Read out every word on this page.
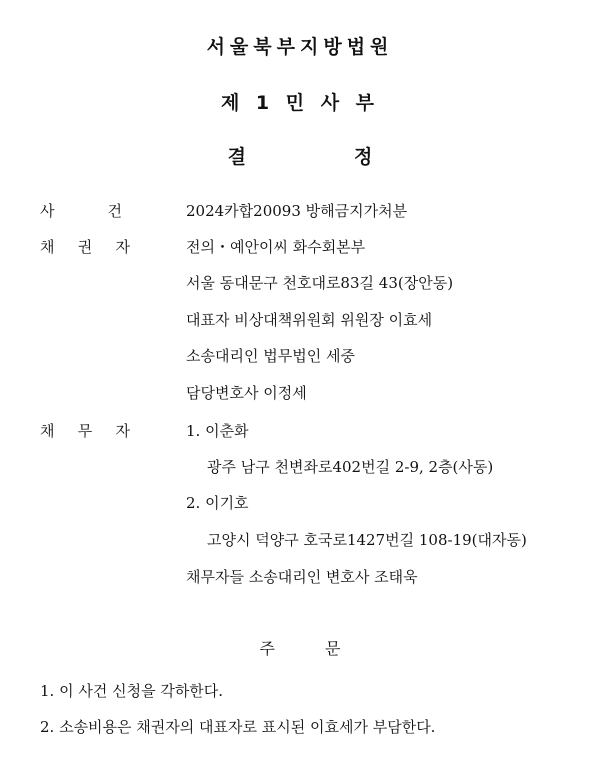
서울북부지방법원
제 1 민 사 부
결	정
사	건	2024카합20093 방해금지가처분
채 권 자	전의・예안이씨 화수회본부
서울 동대문구 천호대로83길 43(장안동)
대표자 비상대책위원회 위원장 이효세
소송대리인 법무법인 세중
담당변호사 이정세
채 무 자	1. 이춘화
광주 남구 천변좌로402번길 2-9, 2층(사동)
2. 이기호
고양시 덕양구 호국로1427번길 108-19(대자동)
채무자들 소송대리인 변호사 조태욱
주	문
1. 이 사건 신청을 각하한다.
2. 소송비용은 채권자의 대표자로 표시된 이효세가 부담한다.
